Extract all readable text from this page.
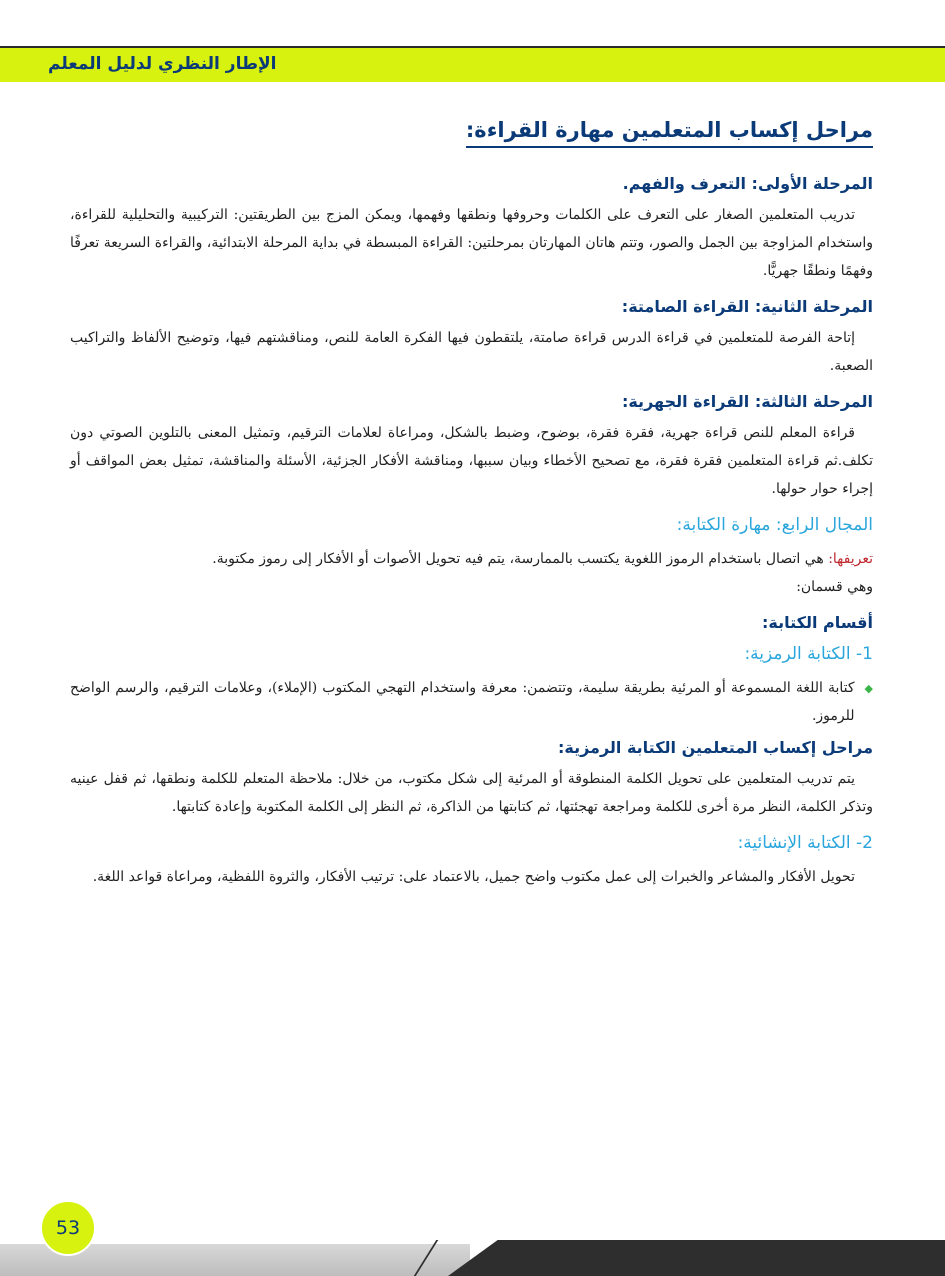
الإطار النظري لدليل المعلم
مراحل إكساب المتعلمين مهارة القراءة:
المرحلة الأولى: التعرف والفهم.

تدريب المتعلمين الصغار على التعرف على الكلمات وحروفها ونطقها وفهمها، ويمكن المزج بين الطريقتين: التركيبية والتحليلية للقراءة، واستخدام المزاوجة بين الجمل والصور، وتتم هاتان المهارتان بمرحلتين: القراءة المبسطة في بداية المرحلة الابتدائية، والقراءة السريعة تعرفًا وفهمًا ونطقًا جهريًّا.

المرحلة الثانية: القراءة الصامتة:

إتاحة الفرصة للمتعلمين في قراءة الدرس قراءة صامتة، يلتقطون فيها الفكرة العامة للنص، ومناقشتهم فيها، وتوضيح الألفاظ والتراكيب الصعبة.

المرحلة الثالثة: القراءة الجهرية:

قراءة المعلم للنص قراءة جهرية، فقرة فقرة، بوضوح، وضبط بالشكل، ومراعاة لعلامات الترقيم، وتمثيل المعنى بالتلوين الصوتي دون تكلف.ثم قراءة المتعلمين فقرة فقرة، مع تصحيح الأخطاء وبيان سببها، ومناقشة الأفكار الجزئية، الأسئلة والمناقشة، تمثيل بعض المواقف أو إجراء حوار حولها.

المجال الرابع: مهارة الكتابة:

تعريفها: هي اتصال باستخدام الرموز اللغوية يكتسب بالممارسة، يتم فيه تحويل الأصوات أو الأفكار إلى رموز مكتوبة.

وهي قسمان:

أقسام الكتابة:
1- الكتابة الرمزية:
◆

كتابة اللغة المسموعة أو المرئية بطريقة سليمة، وتتضمن: معرفة واستخدام التهجي المكتوب (الإملاء)، وعلامات الترقيم، والرسم الواضح للرموز.

مراحل إكساب المتعلمين الكتابة الرمزية:

يتم تدريب المتعلمين على تحويل الكلمة المنطوقة أو المرئية إلى شكل مكتوب، من خلال: ملاحظة المتعلم للكلمة ونطقها، ثم قفل عينيه وتذكر الكلمة، النظر مرة أخرى للكلمة ومراجعة تهجئتها، ثم كتابتها من الذاكرة، ثم النظر إلى الكلمة المكتوبة وإعادة كتابتها.

2- الكتابة الإنشائية:

تحويل الأفكار والمشاعر والخبرات إلى عمل مكتوب واضح جميل، بالاعتماد على: ترتيب الأفكار، والثروة اللفظية، ومراعاة قواعد اللغة.

53
